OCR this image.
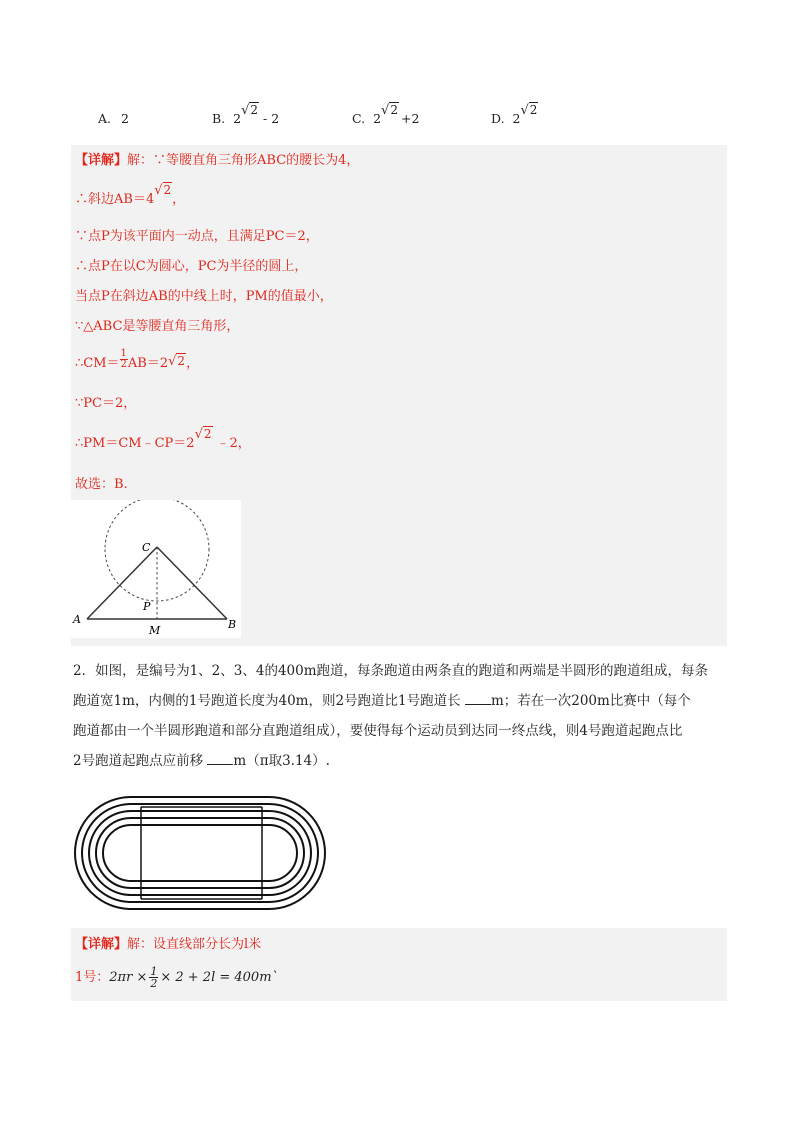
A. 2	B. 2√ 2 - 2	C. 2√ 2+2	D. 2√ 2
【详解】解：∵等腰直角三角形ABC的腰长为4，
∴斜边AB＝4√ 2，
∵点P为该平面内一动点，且满足PC＝2，
∴点P在以C为圆心，PC为半径的圆上，
当点P在斜边AB的中线上时，PM的值最小，
∵△ABC是等腰直角三角形，
∴CM＝ $\frac{1}{2} AB=2√$ 2，
∵PC＝2，
∴PM＝CM﹣CP＝2√ 2﹣2，
故选：B.
A	B
C
P
M
2．如图，是编号为1、2、3、4的400m跑道，每条跑道由两条直的跑道和两端是半圆形的跑道组成，每条
跑道宽1m，内侧的1号跑道长度为40m，则2号跑道比1号跑道长 m；若在一次200m比赛中（每个
跑道都由一个半圆形跑道和部分直跑道组成），要使得每个运动员到达同一终点线，则4号跑道起跑点比
2号跑道起跑点应前移 m（π取3.14）.
【详解】解：设直线部分长为l米
1号：$2\pi r \times \frac{1}{2} \times 2 + 2l$ = 400m`
